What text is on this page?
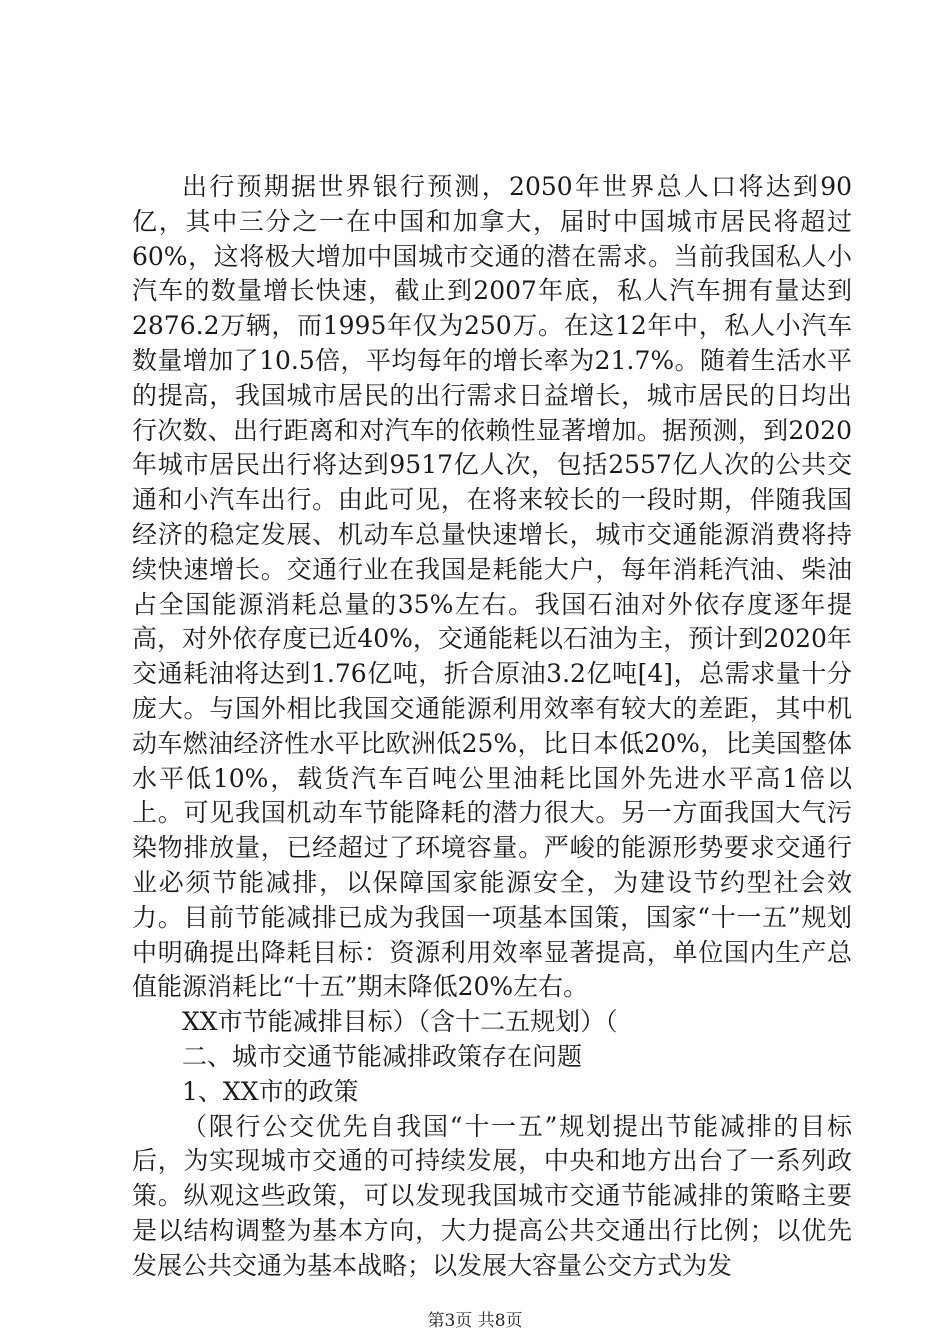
出行预期据世界银行预测，2050年世界总人口将达到90亿，其中三分之一在中国和加拿大，届时中国城市居民将超过60%，这将极大增加中国城市交通的潜在需求。当前我国私人小汽车的数量增长快速，截止到2007年底，私人汽车拥有量达到2876.2万辆，而1995年仅为250万。在这12年中，私人小汽车数量增加了10.5倍，平均每年的增长率为21.7%。随着生活水平的提高，我国城市居民的出行需求日益增长，城市居民的日均出行次数、出行距离和对汽车的依赖性显著增加。据预测，到2020年城市居民出行将达到9517亿人次，包括2557亿人次的公共交通和小汽车出行。由此可见，在将来较长的一段时期，伴随我国经济的稳定发展、机动车总量快速增长，城市交通能源消费将持续快速增长。交通行业在我国是耗能大户，每年消耗汽油、柴油占全国能源消耗总量的35%左右。我国石油对外依存度逐年提高，对外依存度已近40%，交通能耗以石油为主，预计到2020年交通耗油将达到1.76亿吨，折合原油3.2亿吨[4]，总需求量十分庞大。与国外相比我国交通能源利用效率有较大的差距，其中机动车燃油经济性水平比欧洲低25%，比日本低20%，比美国整体水平低10%，载货汽车百吨公里油耗比国外先进水平高1倍以上。可见我国机动车节能降耗的潜力很大。另一方面我国大气污染物排放量，已经超过了环境容量。严峻的能源形势要求交通行业必须节能减排，以保障国家能源安全，为建设节约型社会效力。目前节能减排已成为我国一项基本国策，国家“十一五”规划中明确提出降耗目标：资源利用效率显著提高，单位国内生产总值能源消耗比“十五”期末降低20%左右。

XX市节能减排目标）（含十二五规划）（

二、城市交通节能减排政策存在问题

1、XX市的政策

（限行公交优先自我国“十一五”规划提出节能减排的目标后，为实现城市交通的可持续发展，中央和地方出台了一系列政策。纵观这些政策，可以发现我国城市交通节能减排的策略主要是以结构调整为基本方向，大力提高公共交通出行比例；以优先发展公共交通为基本战略；以发展大容量公交方式为发

第3页 共8页
